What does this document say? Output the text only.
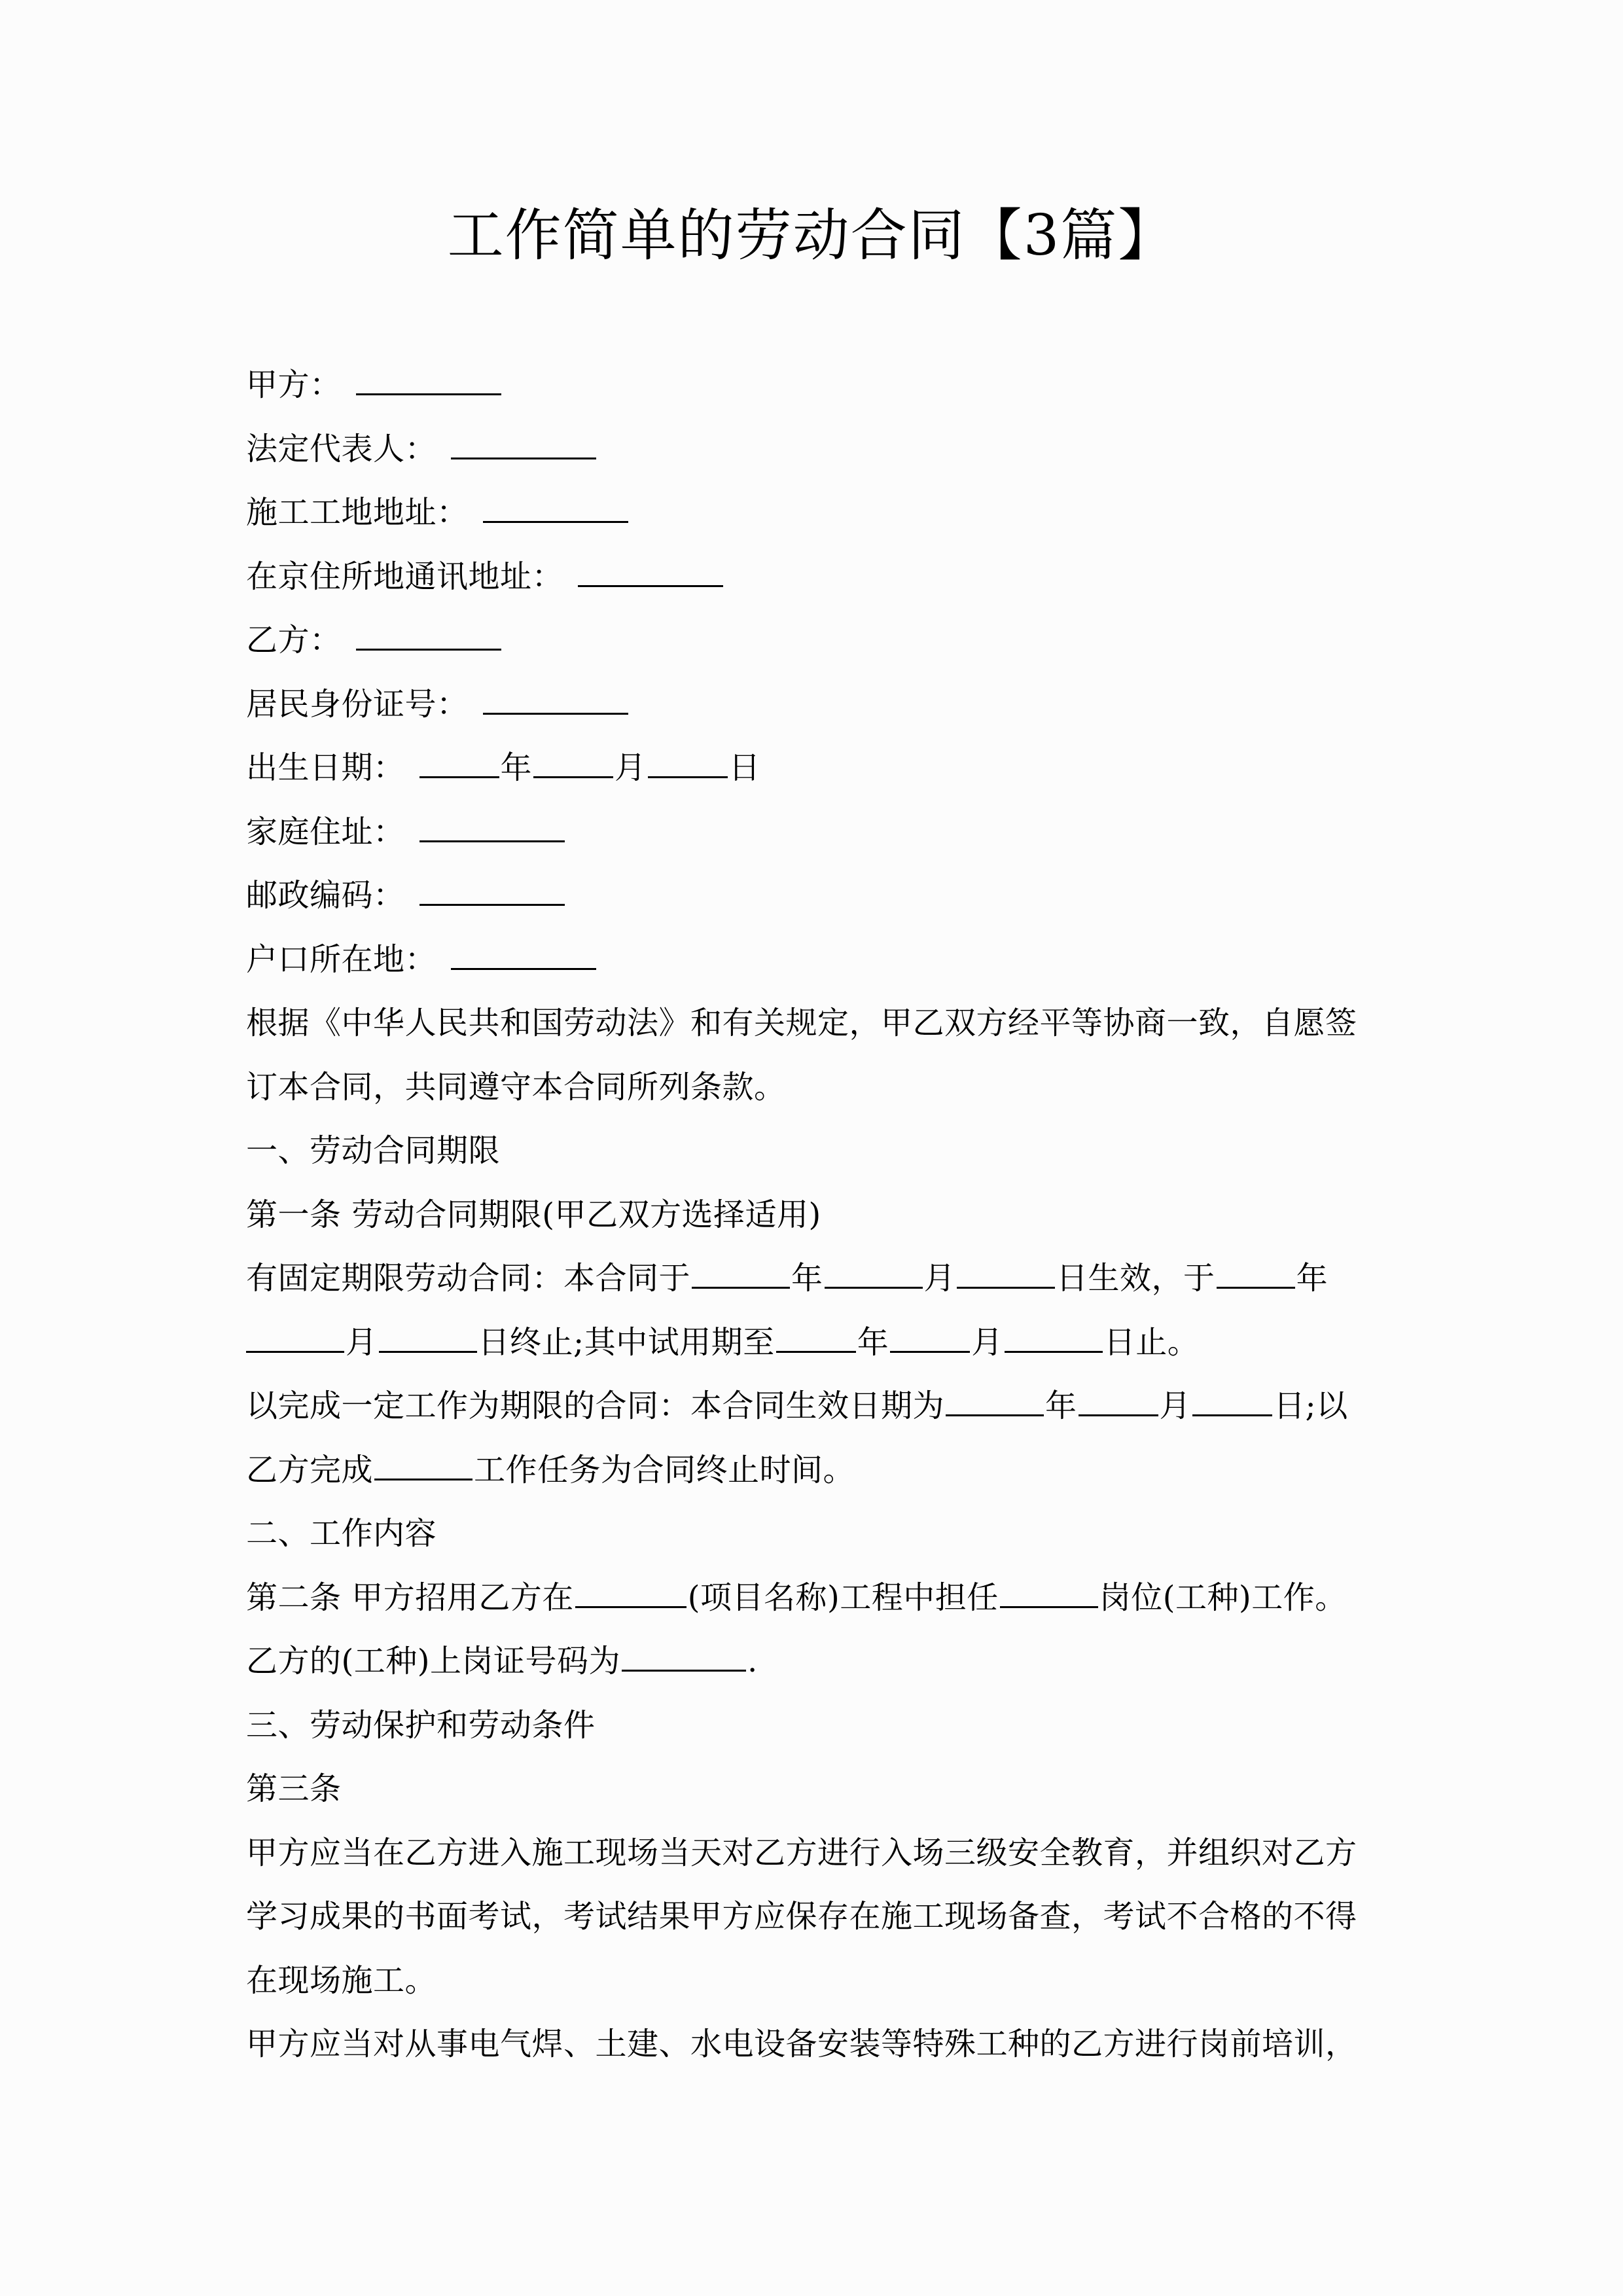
工作简单的劳动合同【3篇】
甲方：
法定代表人：
施工工地地址：
在京住所地通讯地址：
乙方：
居民身份证号：
出生日期：	年	月	日
家庭住址：
邮政编码：
户口所在地：
根据《中华人民共和国劳动法》和有关规定，甲乙双方经平等协商一致，自愿签
订本合同，共同遵守本合同所列条款。
一、劳动合同期限
第一条 劳动合同期限(甲乙双方选择适用)
有固定期限劳动合同：本合同于	年	月	日生效，于	年
月	日终止;其中试用期至	年	月	日止。
以完成一定工作为期限的合同：本合同生效日期为	年	月	日;以
乙方完成	工作任务为合同终止时间。
二、工作内容
第二条 甲方招用乙方在	(项目名称)工程中担任	岗位(工种)工作。
乙方的(工种)上岗证号码为	.
三、劳动保护和劳动条件
第三条
甲方应当在乙方进入施工现场当天对乙方进行入场三级安全教育，并组织对乙方
学习成果的书面考试，考试结果甲方应保存在施工现场备查，考试不合格的不得
在现场施工。
甲方应当对从事电气焊、土建、水电设备安装等特殊工种的乙方进行岗前培训，
